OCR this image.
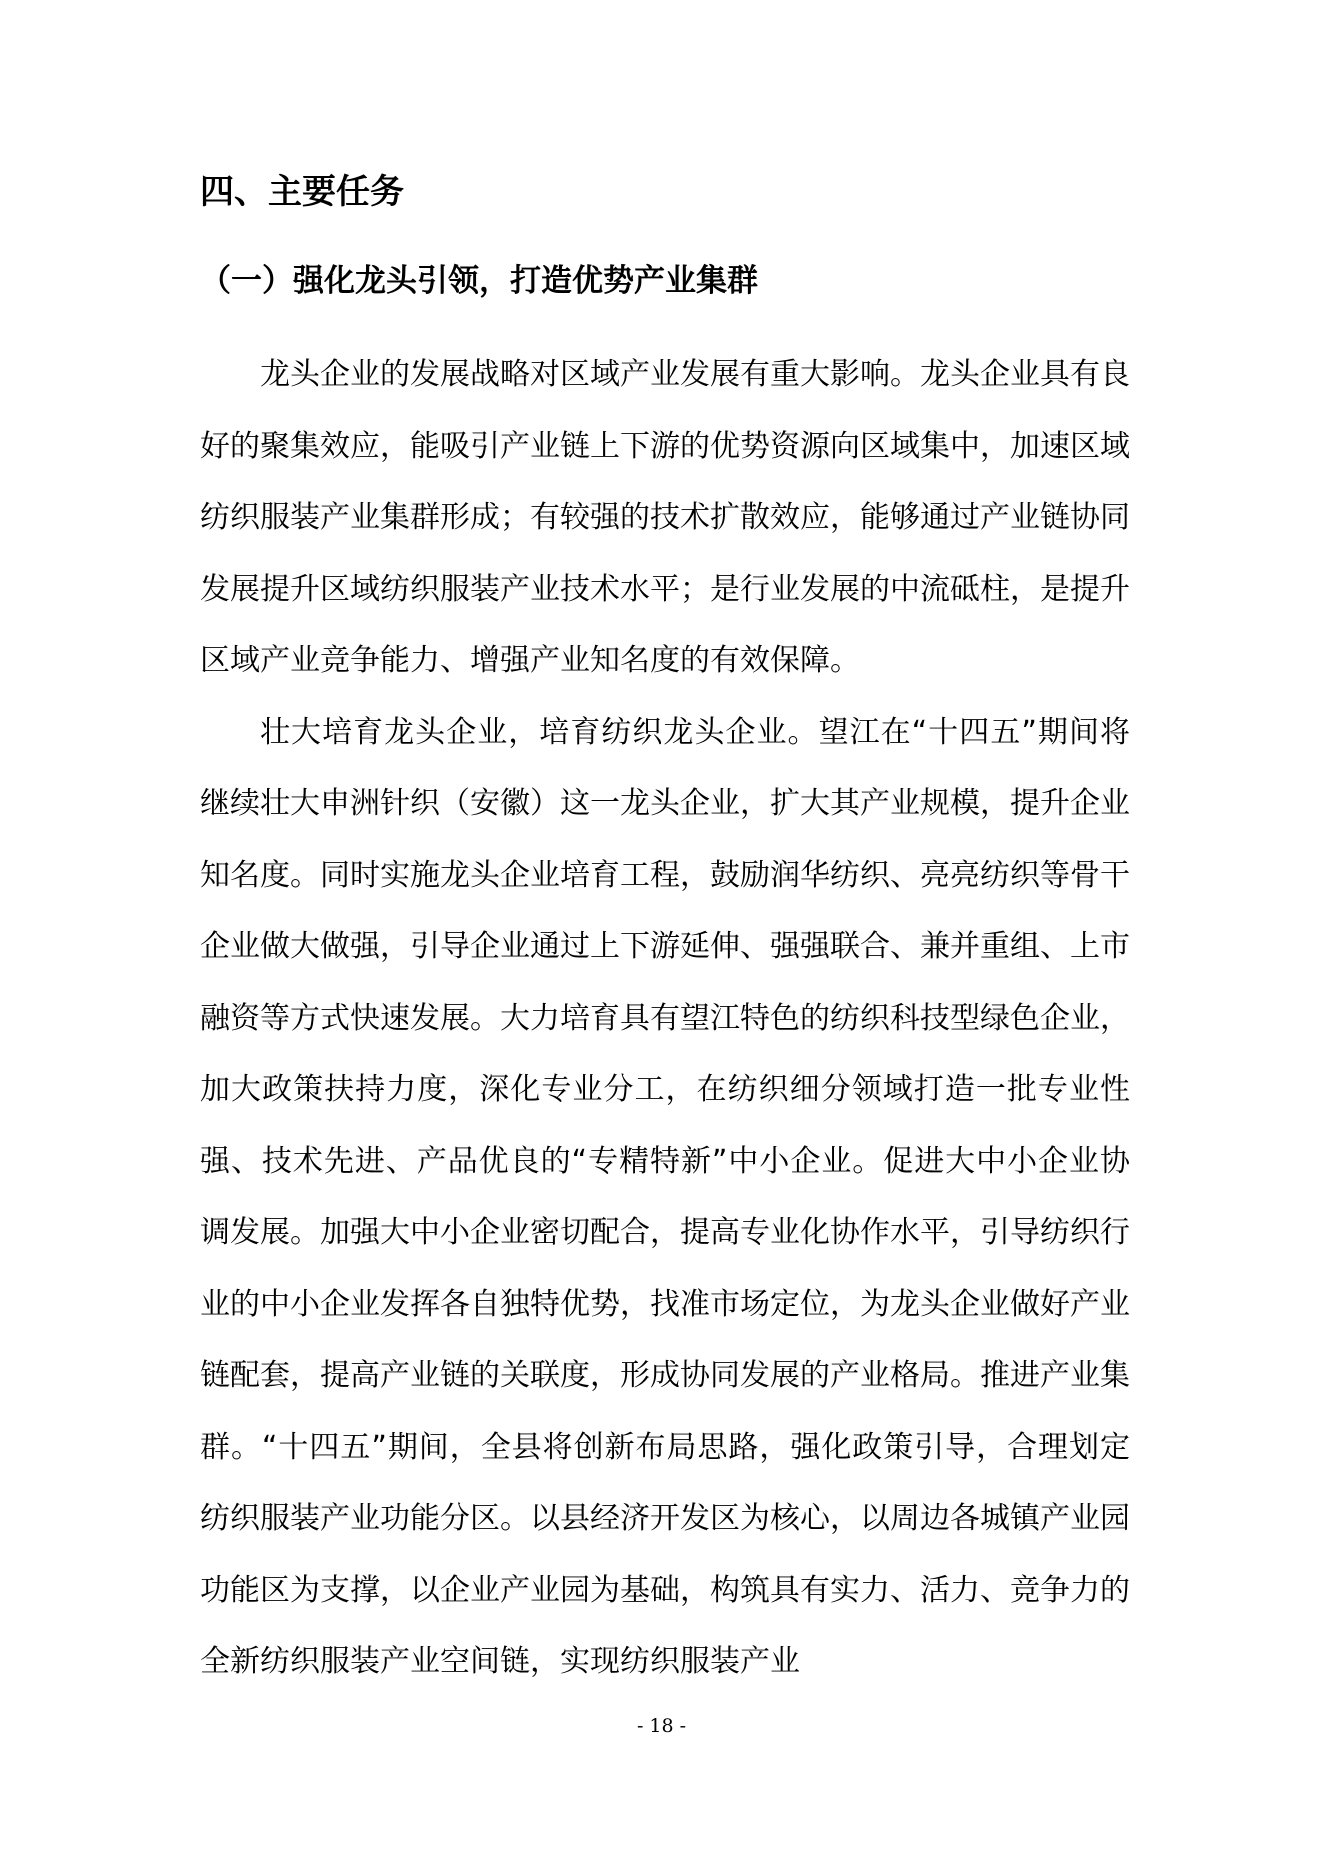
四、主要任务
（一）强化龙头引领，打造优势产业集群

龙头企业的发展战略对区域产业发展有重大影响。龙头企业具有良好的聚集效应，能吸引产业链上下游的优势资源向区域集中，加速区域纺织服装产业集群形成；有较强的技术扩散效应，能够通过产业链协同发展提升区域纺织服装产业技术水平；是行业发展的中流砥柱，是提升区域产业竞争能力、增强产业知名度的有效保障。

壮大培育龙头企业，培育纺织龙头企业。望江在“十四五”期间将继续壮大申洲针织（安徽）这一龙头企业，扩大其产业规模，提升企业知名度。同时实施龙头企业培育工程，鼓励润华纺织、亮亮纺织等骨干企业做大做强，引导企业通过上下游延伸、强强联合、兼并重组、上市融资等方式快速发展。大力培育具有望江特色的纺织科技型绿色企业，加大政策扶持力度，深化专业分工，在纺织细分领域打造一批专业性强、技术先进、产品优良的“专精特新”中小企业。促进大中小企业协调发展。加强大中小企业密切配合，提高专业化协作水平，引导纺织行业的中小企业发挥各自独特优势，找准市场定位，为龙头企业做好产业链配套，提高产业链的关联度，形成协同发展的产业格局。推进产业集群。“十四五”期间，全县将创新布局思路，强化政策引导，合理划定纺织服装产业功能分区。以县经济开发区为核心，以周边各城镇产业园功能区为支撑，以企业产业园为基础，构筑具有实力、活力、竞争力的全新纺织服装产业空间链，实现纺织服装产业

- 18 -
